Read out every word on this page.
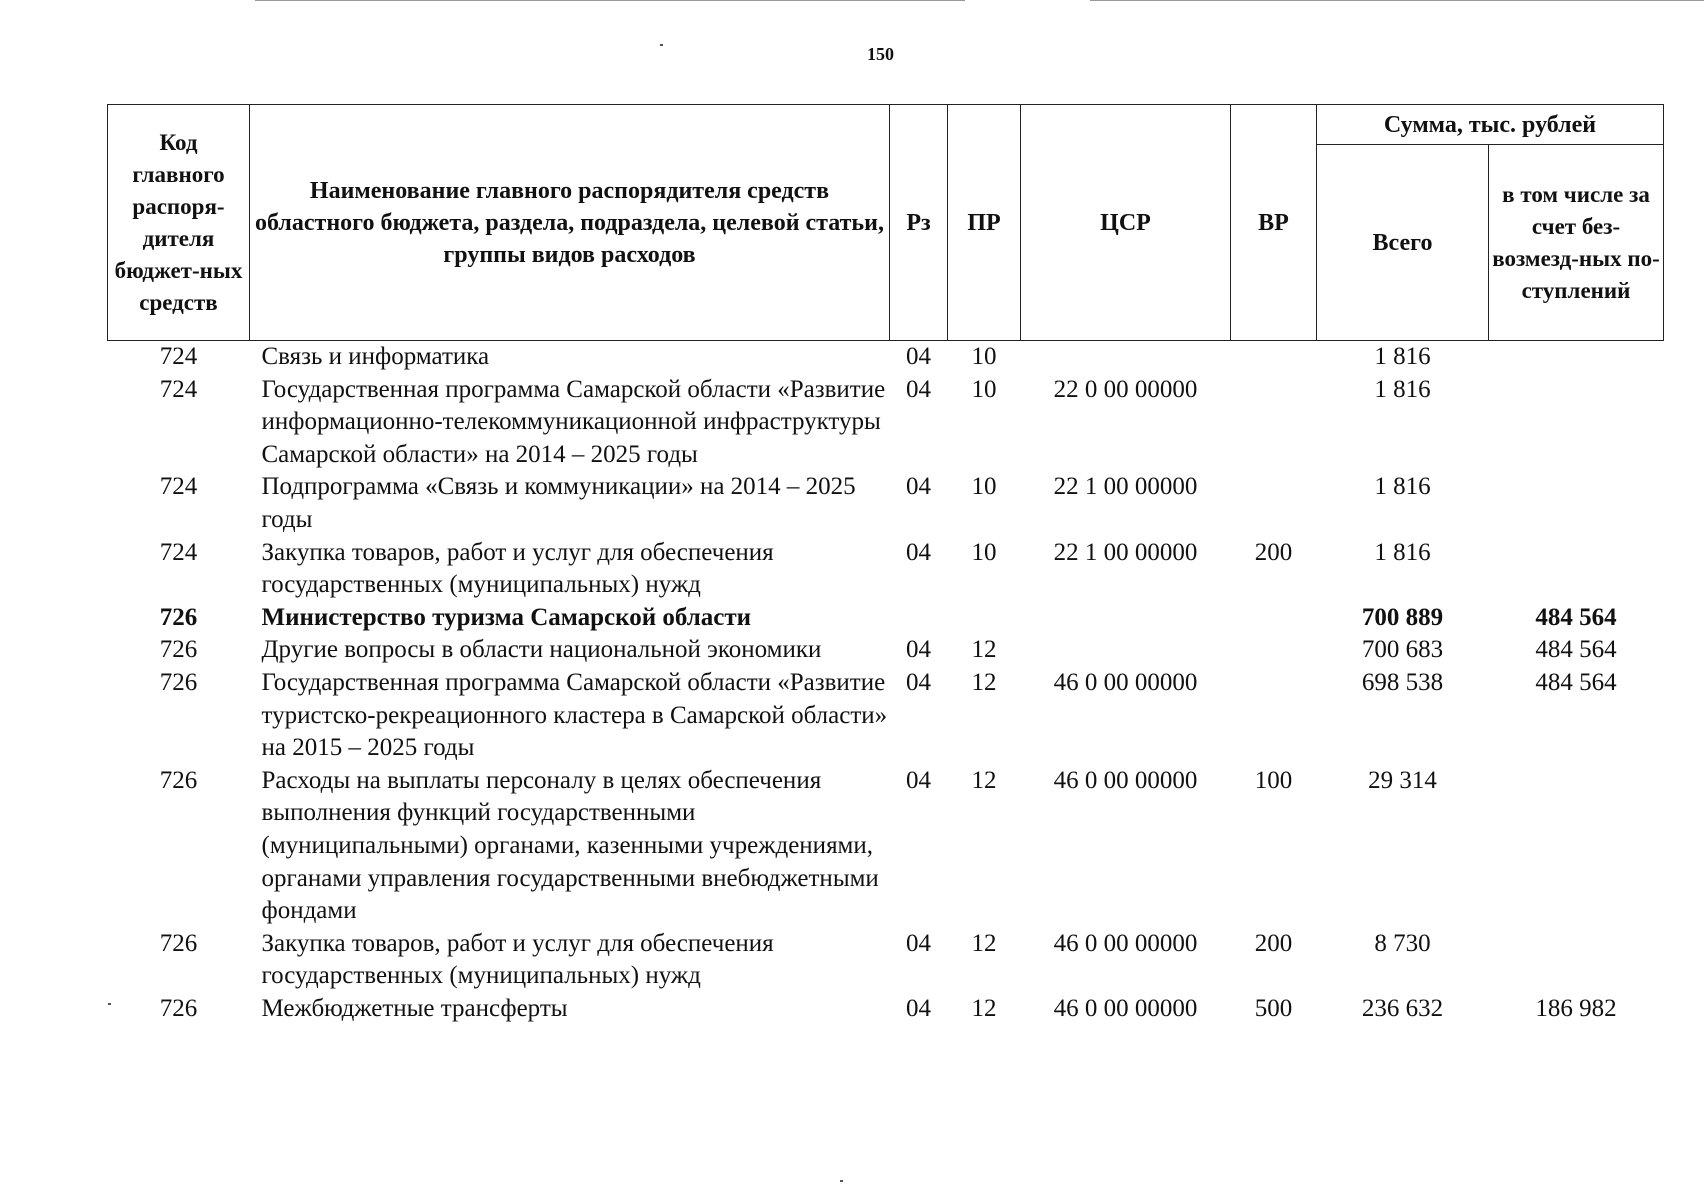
150
Код главного распоря-дителя бюджет-ных средств	Наименование главного распорядителя средств областного бюджета, раздела, подраздела, целевой статьи, группы видов расходов	Рз	ПР	ЦСР	ВР	Сумма, тыс. рублей	
						Всего	в том числе за счет без-возмезд-ных по-ступлений
724	Связь и информатика	04	10			1 816	
724	Государственная программа Самарской области «Развитие информационно-телекоммуникационной инфраструктуры Самарской области» на 2014 – 2025 годы	04	10	22 0 00 00000		1 816	
724	Подпрограмма «Связь и коммуникации» на 2014 – 2025 годы	04	10	22 1 00 00000		1 816	
724	Закупка товаров, работ и услуг для обеспечения государственных (муниципальных) нужд	04	10	22 1 00 00000	200	1 816	
726	Министерство туризма Самарской области					700 889	484 564
726	Другие вопросы в области национальной экономики	04	12			700 683	484 564
726	Государственная программа Самарской области «Развитие туристско-рекреационного кластера в Самарской области» на 2015 – 2025 годы	04	12	46 0 00 00000		698 538	484 564
726	Расходы на выплаты персоналу в целях обеспечения выполнения функций государственными (муниципальными) органами, казенными учреждениями, органами управления государственными внебюджетными фондами	04	12	46 0 00 00000	100	29 314	
726	Закупка товаров, работ и услуг для обеспечения государственных (муниципальных) нужд	04	12	46 0 00 00000	200	8 730	
726	Межбюджетные трансферты	04	12	46 0 00 00000	500	236 632	186 982
